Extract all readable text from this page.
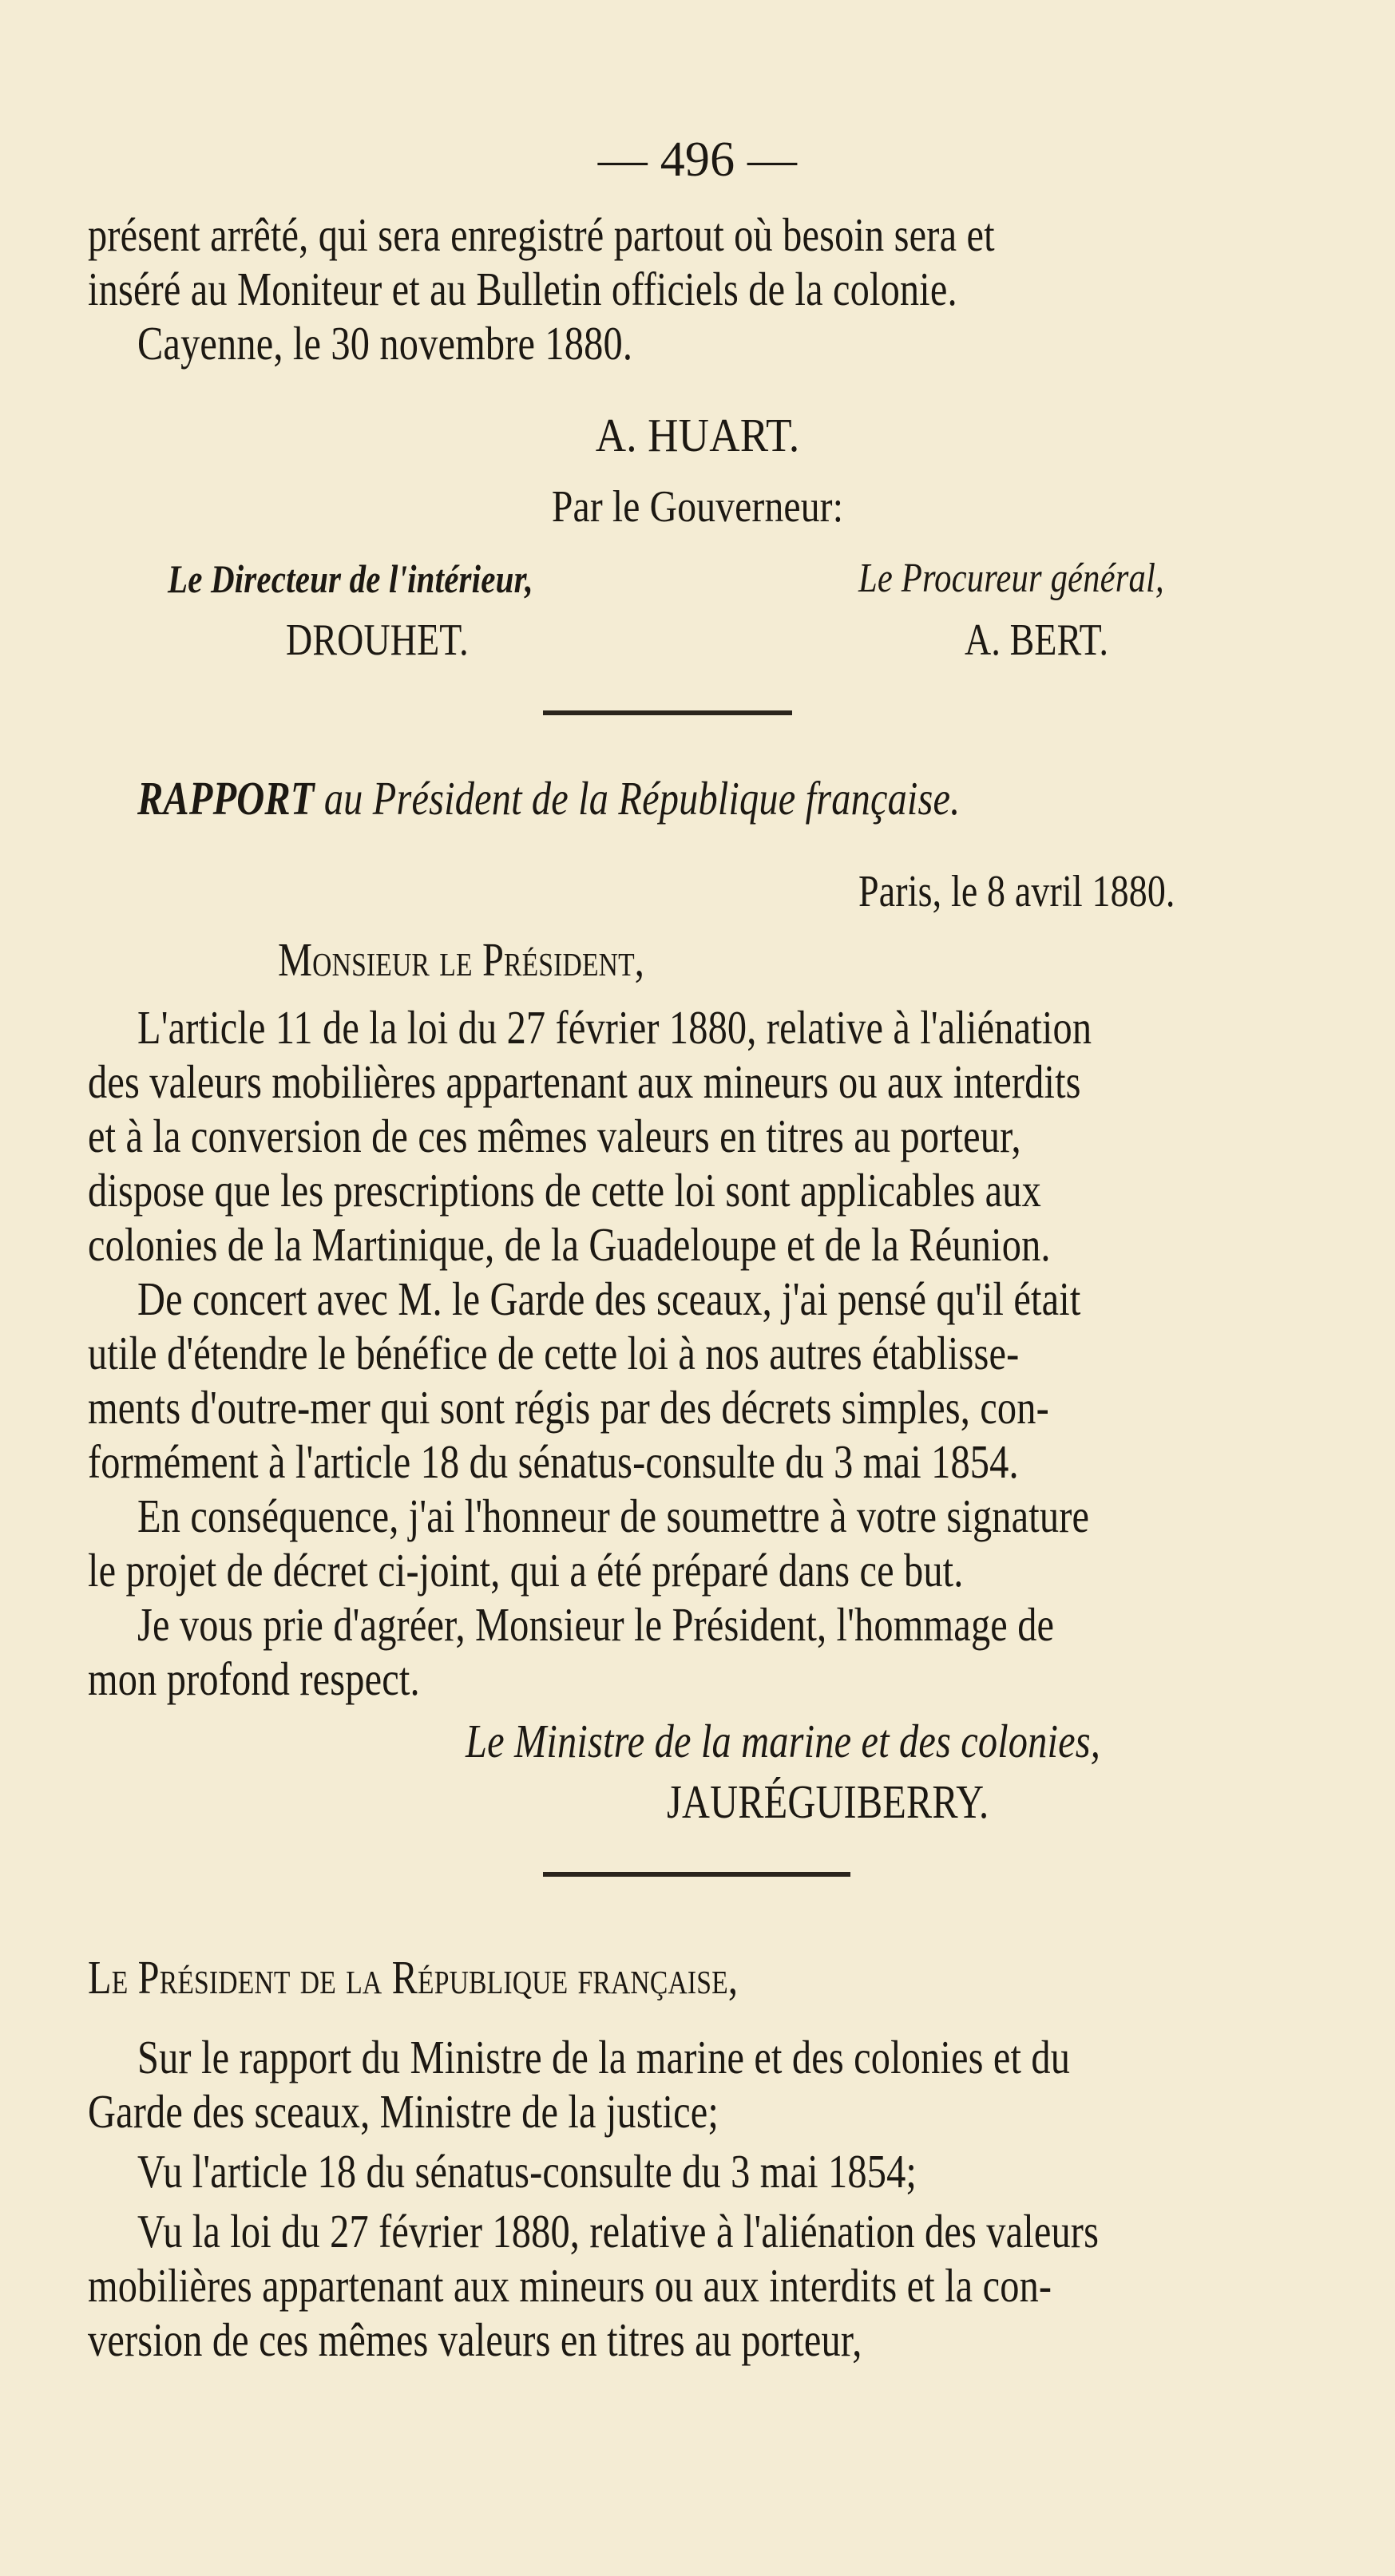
— 496 —

présent arrêté, qui sera enregistré partout où besoin sera et

inséré au Moniteur et au Bulletin officiels de la colonie.

Cayenne, le 30 novembre 1880.

A. HUART.

Par le Gouverneur:

Le Directeur de l'intérieur,	Le Procureur général,

DROUHET.	A. BERT.

RAPPORT au Président de la République française.

Paris, le 8 avril 1880.

Monsieur le Président,

L'article 11 de la loi du 27 février 1880, relative à l'aliénation

des valeurs mobilières appartenant aux mineurs ou aux interdits

et à la conversion de ces mêmes valeurs en titres au porteur,

dispose que les prescriptions de cette loi sont applicables aux

colonies de la Martinique, de la Guadeloupe et de la Réunion.

De concert avec M. le Garde des sceaux, j'ai pensé qu'il était

utile d'étendre le bénéfice de cette loi à nos autres établisse-

ments d'outre-mer qui sont régis par des décrets simples, con-

formément à l'article 18 du sénatus-consulte du 3 mai 1854.

En conséquence, j'ai l'honneur de soumettre à votre signature

le projet de décret ci-joint, qui a été préparé dans ce but.

Je vous prie d'agréer, Monsieur le Président, l'hommage de

mon profond respect.

Le Ministre de la marine et des colonies,

JAURÉGUIBERRY.

Le Président de la République française,

Sur le rapport du Ministre de la marine et des colonies et du

Garde des sceaux, Ministre de la justice;

Vu l'article 18 du sénatus-consulte du 3 mai 1854;

Vu la loi du 27 février 1880, relative à l'aliénation des valeurs

mobilières appartenant aux mineurs ou aux interdits et la con-

version de ces mêmes valeurs en titres au porteur,
